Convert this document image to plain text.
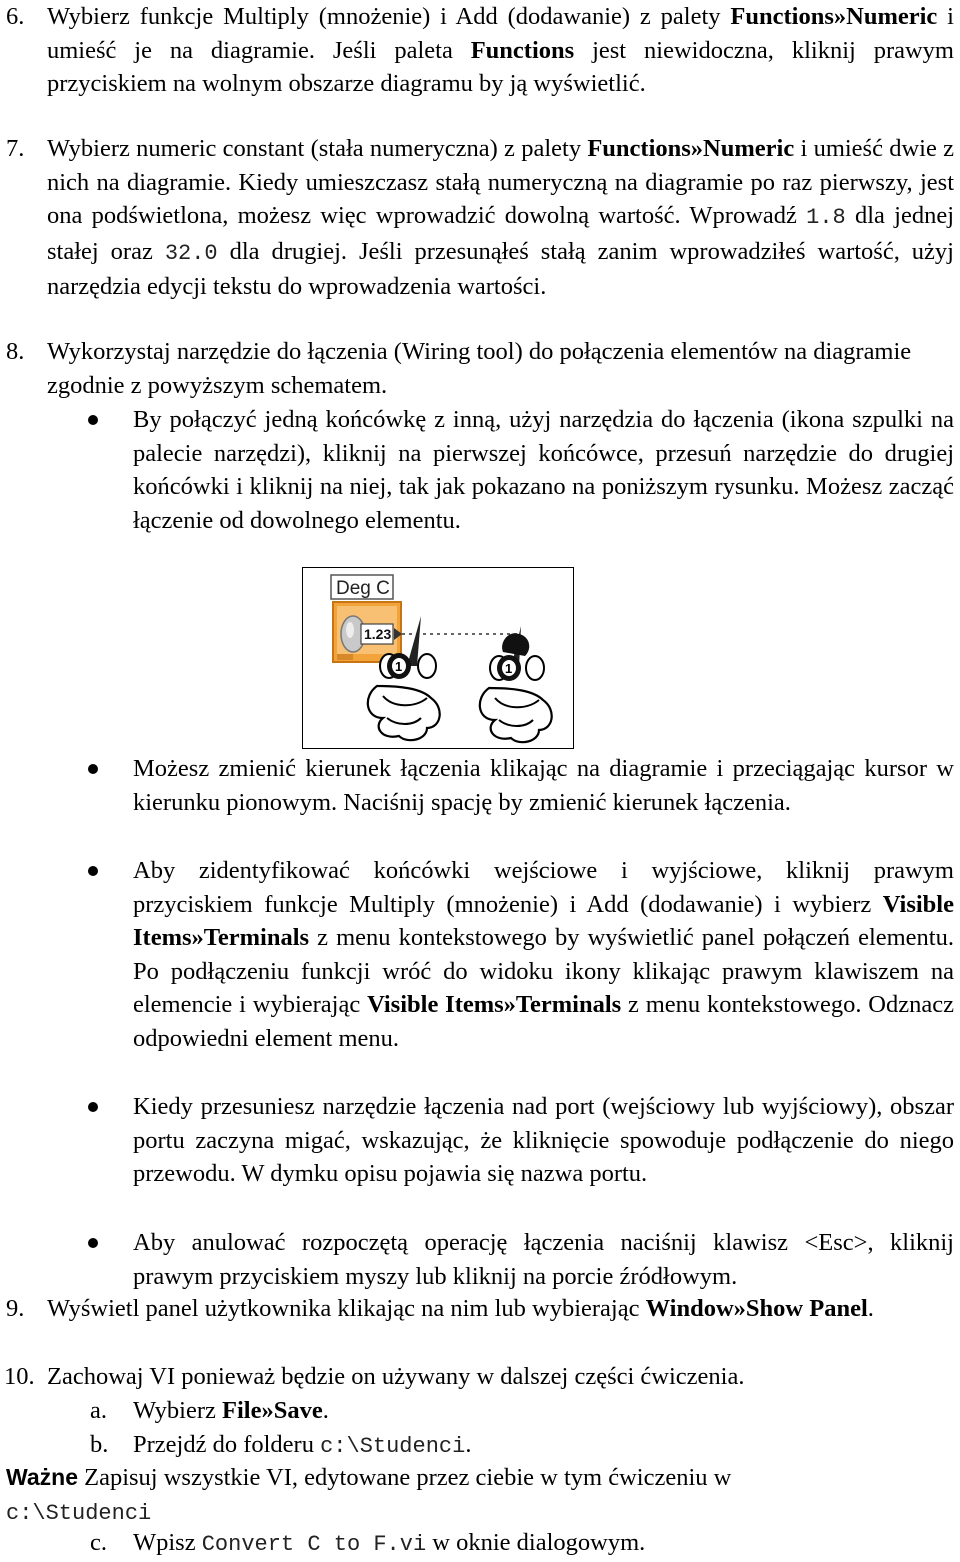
6. Wybierz funkcje Multiply (mnożenie) i Add (dodawanie) z palety Functions»Numeric i umieść je na diagramie. Jeśli paleta Functions jest niewidoczna, kliknij prawym przyciskiem na wolnym obszarze diagramu by ją wyświetlić.
7. Wybierz numeric constant (stała numeryczna) z palety Functions»Numeric i umieść dwie z nich na diagramie. Kiedy umieszczasz stałą numeryczną na diagramie po raz pierwszy, jest ona podświetlona, możesz więc wprowadzić dowolną wartość. Wprowadź 1.8 dla jednej stałej oraz 32.0 dla drugiej. Jeśli przesunąłeś stałą zanim wprowadziłeś wartość, użyj narzędzia edycji tekstu do wprowadzenia wartości.
8. Wykorzystaj narzędzie do łączenia (Wiring tool) do połączenia elementów na diagramie zgodnie z powyższym schematem.
By połączyć jedną końcówkę z inną, użyj narzędzia do łączenia (ikona szpulki na palecie narzędzi), kliknij na pierwszej końcówce, przesuń narzędzie do drugiej końcówki i kliknij na niej, tak jak pokazano na poniższym rysunku. Możesz zacząć łączenie od dowolnego elementu.
Deg C
1.23
1	1
Możesz zmienić kierunek łączenia klikając na diagramie i przeciągając kursor w kierunku pionowym. Naciśnij spację by zmienić kierunek łączenia.
Aby zidentyfikować końcówki wejściowe i wyjściowe, kliknij prawym przyciskiem funkcje Multiply (mnożenie) i Add (dodawanie) i wybierz Visible Items»Terminals z menu kontekstowego by wyświetlić panel połączeń elementu. Po podłączeniu funkcji wróć do widoku ikony klikając prawym klawiszem na elemencie i wybierając Visible Items»Terminals z menu kontekstowego. Odznacz odpowiedni element menu.
Kiedy przesuniesz narzędzie łączenia nad port (wejściowy lub wyjściowy), obszar portu zaczyna migać, wskazując, że kliknięcie spowoduje podłączenie do niego przewodu. W dymku opisu pojawia się nazwa portu.
Aby anulować rozpoczętą operację łączenia naciśnij klawisz <Esc>, kliknij prawym przyciskiem myszy lub kliknij na porcie źródłowym.
9. Wyświetl panel użytkownika klikając na nim lub wybierając Window»Show Panel.
10. Zachowaj VI ponieważ będzie on używany w dalszej części ćwiczenia.
a. Wybierz File»Save.
b. Przejdź do folderu c:\Studenci.
Ważne Zapisuj wszystkie VI, edytowane przez ciebie w tym ćwiczeniu w
c:\Studenci
c. Wpisz Convert C to F.vi w oknie dialogowym.
